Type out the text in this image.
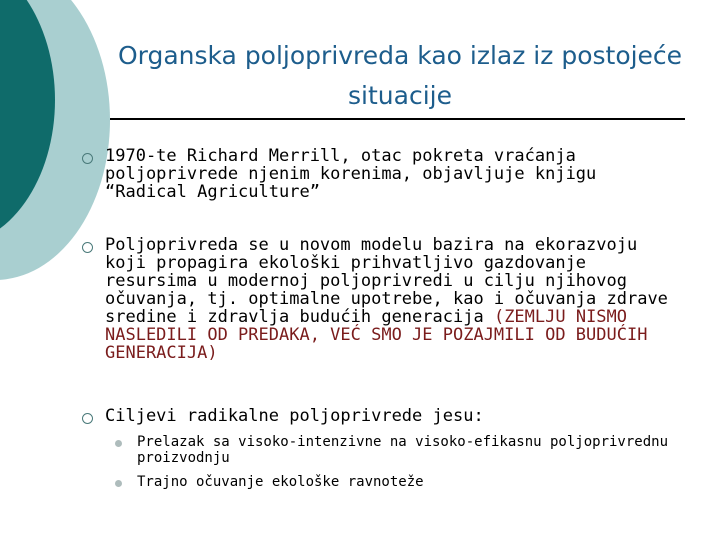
Organska poljoprivreda kao izlaz iz postojeće situacije
1970-te Richard Merrill, otac pokreta vraćanja poljoprivrede njenim korenima, objavljuje knjigu “Radical Agriculture”
Poljoprivreda se u novom modelu bazira na ekorazvoju koji propagira ekološki prihvatljivo gazdovanje resursima u modernoj poljoprivredi u cilju njihovog očuvanja, tj. optimalne upotrebe, kao i očuvanja zdrave sredine i zdravlja budućih generacija (ZEMLJU NISMO NASLEDILI OD PREDAKA, VEĆ SMO JE POZAJMILI OD BUDUĆIH GENERACIJA)
Ciljevi radikalne poljoprivrede jesu:
Prelazak sa visoko-intenzivne na visoko-efikasnu poljoprivrednu proizvodnju
Trajno očuvanje ekološke ravnoteže
